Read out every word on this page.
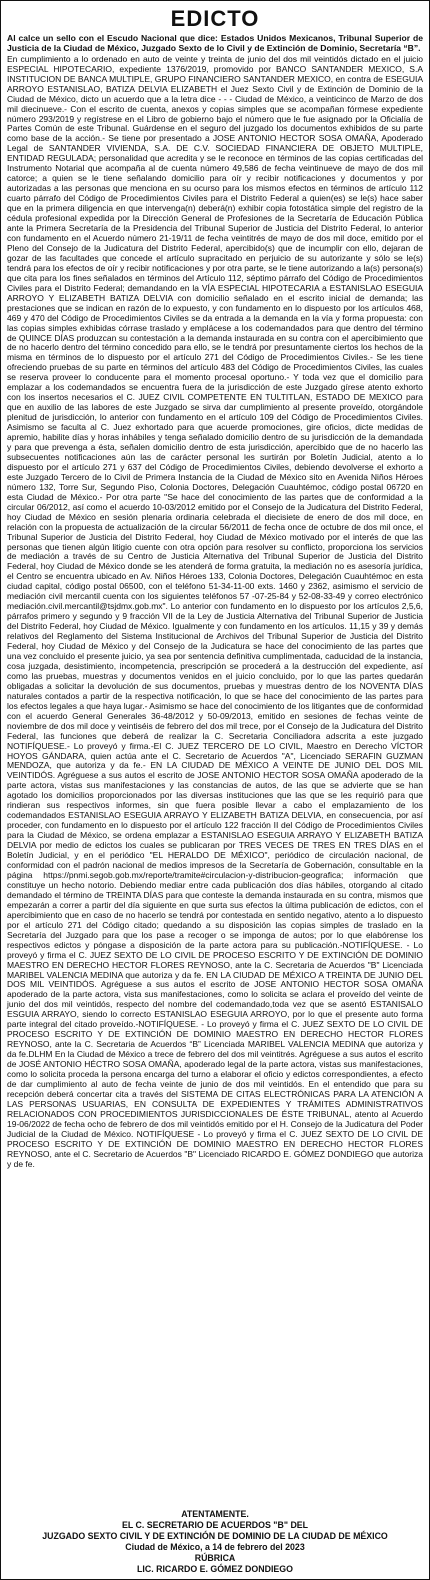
EDICTO

Al calce un sello con el Escudo Nacional que dice: Estados Unidos Mexicanos, Tribunal Superior de Justicia de la Ciudad de México, Juzgado Sexto de lo Civil y de Extinción de Dominio, Secretaría “B”.

En cumplimiento a lo ordenado en auto de veinte y treinta de junio del dos mil veintidós dictado en el juicio ESPECIAL HIPOTECARIO, expediente 1376/2019, promovido por BANCO SANTANDER MEXICO, S.A INSTITUCION DE BANCA MULTIPLE, GRUPO FINANCIERO SANTANDER MEXICO, en contra de ESEGUIA ARROYO ESTANISLAO, BATIZA DELVIA ELIZABETH el Juez Sexto Civil y de Extinción de Dominio de la Ciudad de México, dicto un acuerdo que a la letra dice - - - Ciudad de México, a veinticinco de Marzo de dos mil diecinueve.- Con el escrito de cuenta, anexos y copias simples que se acompañan fórmese expediente número 293/2019 y regístrese en el Libro de gobierno bajo el número que le fue asignado por la Oficialía de Partes Común de este Tribunal. Guárdense en el seguro del juzgado los documentos exhibidos de su parte como base de la acción.- Se tiene por presentado a JOSE ANTONIO HECTOR SOSA OMAÑA, Apoderado Legal de SANTANDER VIVIENDA, S.A. DE C.V. SOCIEDAD FINANCIERA DE OBJETO MULTIPLE, ENTIDAD REGULADA; personalidad que acredita y se le reconoce en términos de las copias certificadas del Instrumento Notarial que acompaña al de cuenta número 49,586 de fecha veintinueve de mayo de dos mil catorce; a quien se le tiene señalando domicilio para oír y recibir notificaciones y documentos y por autorizadas a las personas que menciona en su ocurso para los mismos efectos en términos de artículo 112 cuarto párrafo del Código de Procedimientos Civiles para el Distrito Federal a quien(es) se le(s) hace saber que en la primera diligencia en que intervenga(n) deberá(n) exhibir copia fotostática simple del registro de la cédula profesional expedida por la Dirección General de Profesiones de la Secretaría de Educación Pública ante la Primera Secretaría de la Presidencia del Tribunal Superior de Justicia del Distrito Federal, lo anterior con fundamento en el Acuerdo número 21-19/11 de fecha veintitrés de mayo de dos mil doce, emitido por el Pleno del Consejo de la Judicatura del Distrito Federal, apercibido(s) que de incumplir con ello, dejaran de gozar de las facultades que concede el artículo supracitado en perjuicio de su autorizante y sólo se le(s) tendrá para los efectos de oír y recibir notificaciones y por otra parte, se le tiene autorizando a la(s) persona(s) que cita para los fines señalados en términos del Artículo 112, séptimo párrafo del Código de Procedimientos Civiles para el Distrito Federal; demandando en la VÍA ESPECIAL HIPOTECARIA a ESTANISLAO ESEGUIA ARROYO Y ELIZABETH BATIZA DELVIA con domicilio señalado en el escrito inicial de demanda; las prestaciones que se indican en razón de lo expuesto, y con fundamento en lo dispuesto por los artículos 468, 469 y 470 del Código de Procedimientos Civiles se da entrada a la demanda en la vía y forma propuesta: con las copias simples exhibidas córrase traslado y emplácese a los codemandados para que dentro del término de QUINCE DÍAS produzcan su contestación a la demanda instaurada en su contra con el apercibimiento que de no hacerlo dentro del término concedido para ello, se le tendrá por presuntamente ciertos los hechos de la misma en términos de lo dispuesto por el artículo 271 del Código de Procedimientos Civiles.- Se les tiene ofreciendo pruebas de su parte en términos del artículo 483 del Código de Procedimientos Civiles, las cuales se reserva proveer lo conducente para el momento procesal oportuno.- Y toda vez que el domicilio para emplazar a los codemandados se encuentra fuera de la jurisdicción de este Juzgado gírese atento exhorto con los insertos necesarios el C. JUEZ CIVIL COMPETENTE EN TULTITLAN, ESTADO DE MEXICO para que en auxilio de las labores de este Juzgado se sirva dar cumplimiento al presente proveído, otorgándole plenitud de jurisdicción, lo anterior con fundamento en el artículo 109 del Código de Procedimientos Civiles. Asimismo se faculta al C. Juez exhortado para que acuerde promociones, gire oficios, dicte medidas de apremio, habilite días y horas inhábiles y tenga señalado domicilio dentro de su jurisdicción de la demandada y para que prevenga a ésta, señalen domicilio dentro de esta jurisdicción, apercibido que de no hacerlo las subsecuentes notificaciones aún las de carácter personal les surtirán por Boletín Judicial, atento a lo dispuesto por el artículo 271 y 637 del Código de Procedimientos Civiles, debiendo devolverse el exhorto a este Juzgado Tercero de lo Civil de Primera Instancia de la Ciudad de México sito en Avenida Niños Héroes número 132, Torre Sur, Segundo Piso, Colonia Doctores, Delegación Cuauhtémoc, código postal 06720 en esta Ciudad de México.- Por otra parte "Se hace del conocimiento de las partes que de conformidad a la circular 06/2012, así como el acuerdo 10-03/2012 emitido por el Consejo de la Judicatura del Distrito Federal, hoy Ciudad de México en sesión plenaria ordinaria celebrada el diecisiete de enero de dos mil doce, en relación con la propuesta de actualización de la circular 56/2011 de fecha once de octubre de dos mil once, el Tribunal Superior de Justicia del Distrito Federal, hoy Ciudad de México motivado por el interés de que las personas que tienen algún litigio cuente con otra opción para resolver su conflicto, proporciona los servicios de mediación a través de su Centro de Justicia Alternativa del Tribunal Superior de Justicia del Distrito Federal, hoy Ciudad de México donde se les atenderá de forma gratuita, la mediación no es asesoría jurídica, el Centro se encuentra ubicado en Av. Niños Héroes 133, Colonia Doctores, Delegación Cuauhtémoc en esta ciudad capital, código postal 06500, con el teléfono 51-34-11-00 exts. 1460 y 2362, asimismo el servicio de mediación civil mercantil cuenta con los siguientes teléfonos 57 -07-25-84 y 52-08-33-49 y correo electrónico mediación.civil.mercantil@tsjdmx.gob.mx". Lo anterior con fundamento en lo dispuesto por los artículos 2,5,6, párrafos primero y segundo y 9 fracción VII de la Ley de Justicia Alternativa del Tribunal Superior de Justicia del Distrito Federal, hoy Ciudad de México. Igualmente y con fundamento en los artículos. 11,15 y 39 y demás relativos del Reglamento del Sistema Institucional de Archivos del Tribunal Superior de Justicia del Distrito Federal, hoy Ciudad de México y del Consejo de la Judicatura se hace del conocimiento de las partes que una vez concluido el presente juicio, ya sea por sentencia definitiva cumplimentada, caducidad de la instancia, cosa juzgada, desistimiento, incompetencia, prescripción se procederá a la destrucción del expediente, así como las pruebas, muestras y documentos venidos en el juicio concluido, por lo que las partes quedarán obligadas a solicitar la devolución de sus documentos, pruebas y muestras dentro de los NOVENTA DÍAS naturales contados a partir de la respectiva notificación, lo que se hace del conocimiento de las partes para los efectos legales a que haya lugar.- Asimismo se hace del conocimiento de los litigantes que de conformidad con el acuerdo General Generales 36-48/2012 y 50-09/2013, emitido en sesiones de fechas veinte de noviembre de dos mil doce y veintiséis de febrero del dos mil trece, por el Consejo de la Judicatura del Distrito Federal, las funciones que deberá de realizar la C. Secretaria Conciliadora adscrita a este juzgado NOTIFÍQUESE.- Lo proveyó y firma.-El C. JUEZ TERCERO DE LO CIVIL, Maestro en Derecho VÍCTOR HOYOS GÁNDARA, quien actúa ante el C. Secretario de Acuerdos "A", Licenciado SERAFIN GUZMAN MENDOZA, que autoriza y da fe.- EN LA CIUDAD DE MÉXICO A VEINTE DE JUNIO DEL DOS MIL VEINTIDÓS. Agréguese a sus autos el escrito de JOSE ANTONIO HECTOR SOSA OMAÑA apoderado de la parte actora, vistas sus manifestaciones y las constancias de autos, de las que se advierte que se han agotado los domicilios proporcionados por las diversas instituciones que las que se les requirió para que rindieran sus respectivos informes, sin que fuera posible llevar a cabo el emplazamiento de los codemandados ESTANISLAO ESEGUIA ARRAYO Y ELIZABETH BATIZA DELVIA, en consecuencia, por así proceder, con fundamento en lo dispuesto por el artículo 122 fracción II del Código de Procedimientos Civiles para la Ciudad de México, se ordena emplazar a ESTANISLAO ESEGUIA ARRAYO Y ELIZABETH BATIZA DELVIA por medio de edictos los cuales se publicaran por TRES VECES DE TRES EN TRES DÍAS en el Boletín Judicial, y en el periódico "EL HERALDO DE MÉXICO", periódico de circulación nacional, de conformidad con el padrón nacional de medios impresos de la Secretaría de Gobernación, consultable en la página https://pnmi.segob.gob.mx/reporte/tramite#circulacion-y-distribucion-geografica; información que constituye un hecho notorio. Debiendo mediar entre cada publicación dos días hábiles, otorgando al citado demandado el término de TREINTA DÍAS para que conteste la demanda instaurada en su contra, mismos que empezarán a correr a partir del día siguiente en que surta sus efectos la última publicación de edictos, con el apercibimiento que en caso de no hacerlo se tendrá por contestada en sentido negativo, atento a lo dispuesto por el artículo 271 del Código citado; quedando a su disposición las copias simples de traslado en la Secretaría del Juzgado para que los pase a recoger o se imponga de autos; por lo que elabórense los respectivos edictos y póngase a disposición de la parte actora para su publicación.-NOTIFÍQUESE. - Lo proveyó y firma el C. JUEZ SEXTO DE LO CIVIL DE PROCESO ESCRITO Y DE EXTINCIÓN DE DOMINIO MAESTRO EN DERECHO HECTOR FLORES REYNOSO, ante la C. Secretaria de Acuerdos "B" Licenciada MARIBEL VALENCIA MEDINA que autoriza y da fe. EN LA CIUDAD DE MÉXICO A TREINTA DE JUNIO DEL DOS MIL VEINTIDÓS. Agréguese a sus autos el escrito de JOSE ANTONIO HECTOR SOSA OMAÑA apoderado de la parte actora, vista sus manifestaciones, como lo solicita se aclara el proveído del veinte de junio del dos mil veintidós, respecto del nombre del codemandado,toda vez que se asentó ESTANISALO ESGUIA ARRAYO, siendo lo correcto ESTANISLAO ESEGUIA ARROYO, por lo que el presente auto forma parte integral del citado proveído.-NOTIFÍQUESE. - Lo proveyó y firma el C. JUEZ SEXTO DE LO CIVIL DE PROCESO ESCRITO Y DE EXTINCIÓN DE DOMINIO MAESTRO EN DERECHO HECTOR FLORES REYNOSO, ante la C. Secretaria de Acuerdos “B” Licenciada MARIBEL VALENCIA MEDINA que autoriza y da fe.DLHM En la Ciudad de México a trece de febrero del dos mil veintitrés. Agréguese a sus autos el escrito de JOSÉ ANTONIO HÉCTRO SOSA OMAÑA, apoderado legal de la parte actora, vistas sus manifestaciones, como lo solicita proceda la persona encarga del turno a elaborar el oficio y edictos correspondientes, a efecto de dar cumplimiento al auto de fecha veinte de junio de dos mil veintidós. En el entendido que para su recepción deberá concertar cita a través del SISTEMA DE CITAS ELECTRÓNICAS PARA LA ATENCIÓN A LAS PERSONAS USUARIAS, EN CONSULTA DE EXPEDIENTES Y TRÁMITES ADMINISTRATIVOS RELACIONADOS CON PROCEDIMIENTOS JURISDICCIONALES DE ÉSTE TRIBUNAL, atento al Acuerdo 19-06/2022 de fecha ocho de febrero de dos mil veintidós emitido por el H. Consejo de la Judicatura del Poder Judicial de la Ciudad de México. NOTIFÍQUESE - Lo proveyó y firma el C. JUEZ SEXTO DE LO CIVIL DE PROCESO ESCRITO Y DE EXTINCIÓN DE DOMINIO MAESTRO EN DERECHO HECTOR FLORES REYNOSO, ante el C. Secretario de Acuerdos "B" Licenciado RICARDO E. GÓMEZ DONDIEGO que autoriza y de fe.

ATENTAMENTE.
EL C. SECRETARIO DE ACUERDOS "B" DEL
JUZGADO SEXTO CIVIL Y DE EXTINCIÓN DE DOMINIO DE LA CIUDAD DE MÉXICO
Ciudad de México, a 14 de febrero del 2023
RÚBRICA
LIC. RICARDO E. GÓMEZ DONDIEGO
